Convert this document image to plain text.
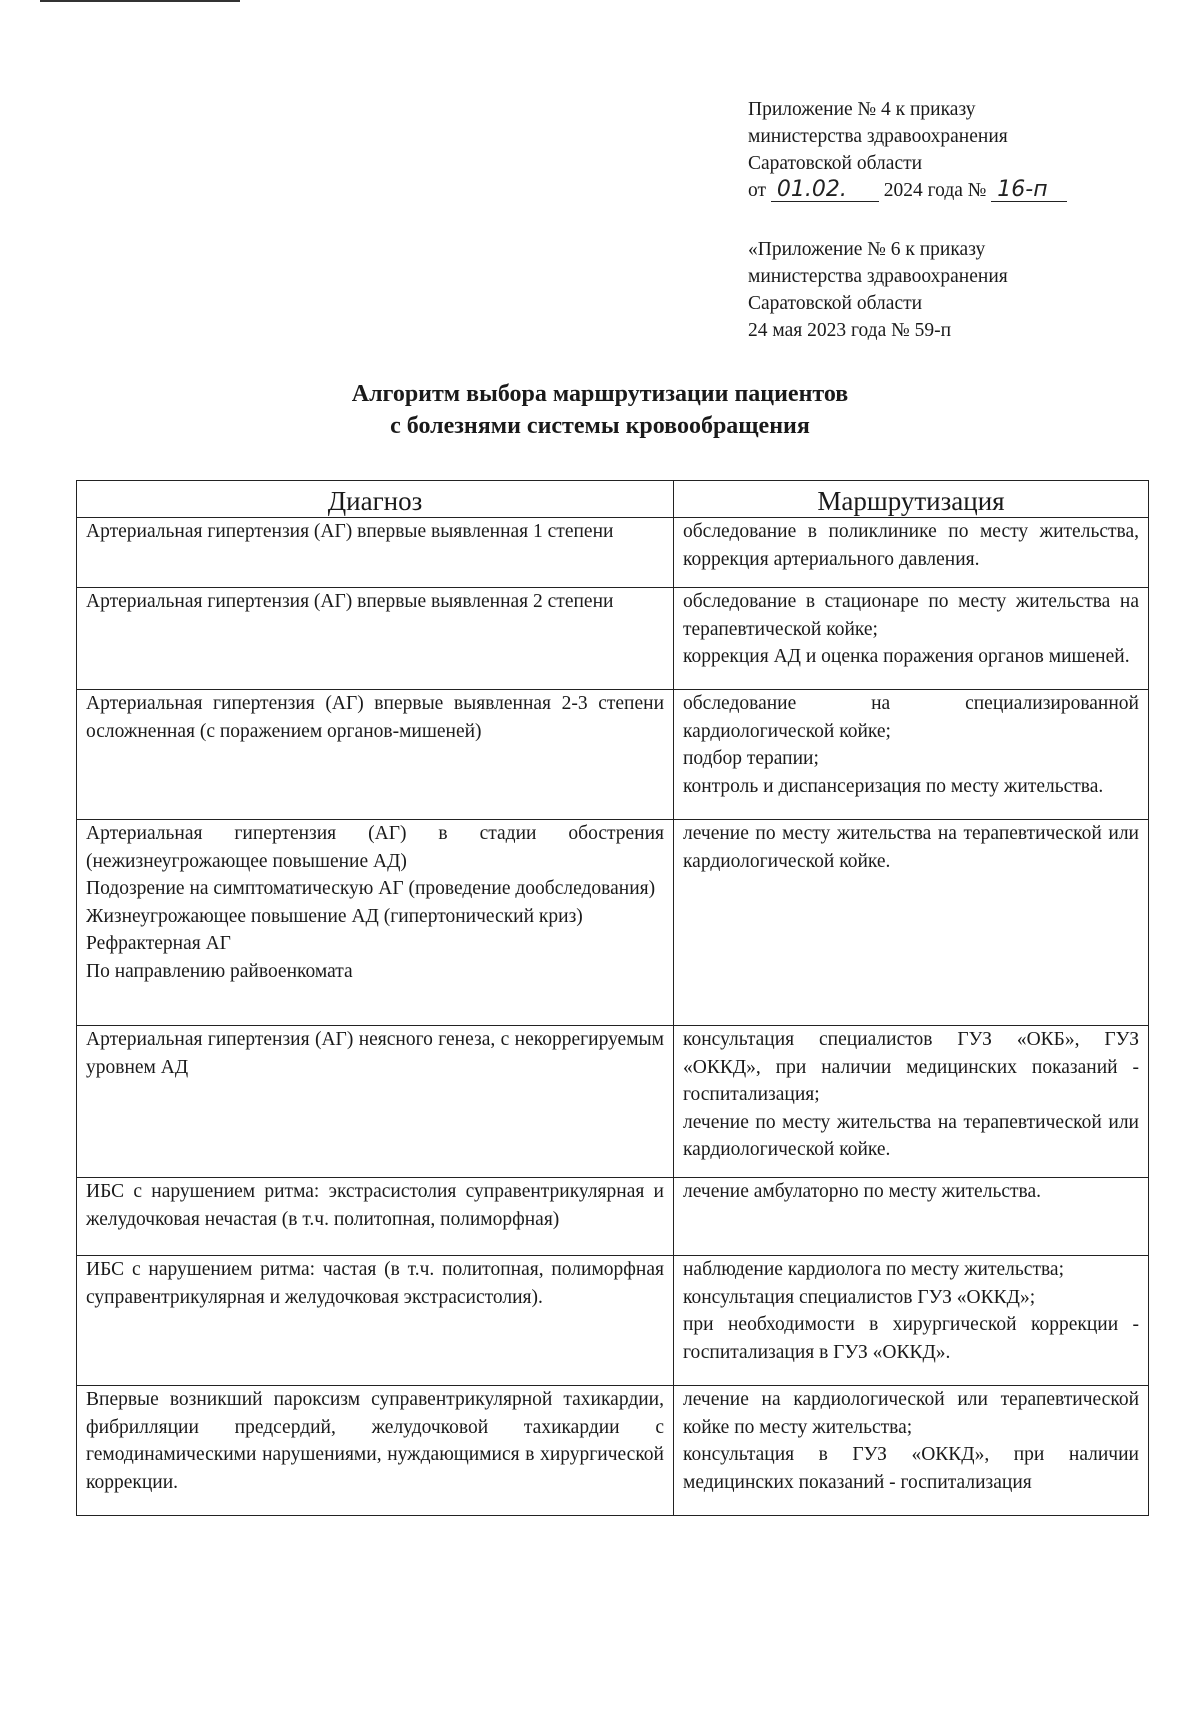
Приложение № 4 к приказу
министерства здравоохранения
Саратовской области
от 01.02. 2024 года № 16-п
«Приложение № 6 к приказу
министерства здравоохранения
Саратовской области
24 мая 2023 года № 59-п
Алгоритм выбора маршрутизации пациентов
с болезнями системы кровообращения
Диагноз	Маршрутизация

Артериальная гипертензия (АГ) впервые выявленная 1 степени	обследование в поликлинике по месту жительства, коррекция артериального давления.

Артериальная гипертензия (АГ) впервые выявленная 2 степени	обследование в стационаре по месту жительства на терапевтической койке;
коррекция АД и оценка поражения органов мишеней.

Артериальная гипертензия (АГ) впервые выявленная 2-3 степени осложненная (с поражением органов-мишеней)	обследование на специализированной кардиологической койке;
подбор терапии;
контроль и диспансеризация по месту жительства.

Артериальная гипертензия (АГ) в стадии обострения (нежизнеугрожающее повышение АД)
Подозрение на симптоматическую АГ (проведение дообследования)
Жизнеугрожающее повышение АД (гипертонический криз)
Рефрактерная АГ
По направлению райвоенкомата	лечение по месту жительства на терапевтической или кардиологической койке.

Артериальная гипертензия (АГ) неясного генеза, с некоррегируемым уровнем АД	консультация специалистов ГУЗ «ОКБ», ГУЗ «ОККД», при наличии медицинских показаний - госпитализация;
лечение по месту жительства на терапевтической или кардиологической койке.

ИБС с нарушением ритма: экстрасистолия суправентрикулярная и желудочковая нечастая (в т.ч. политопная, полиморфная)	лечение амбулаторно по месту жительства.

ИБС с нарушением ритма: частая (в т.ч. политопная, полиморфная суправентрикулярная и желудочковая экстрасистолия).	наблюдение кардиолога по месту жительства;
консультация специалистов ГУЗ «ОККД»;
при необходимости в хирургической коррекции - госпитализация в ГУЗ «ОККД».

Впервые возникший пароксизм суправентрикулярной тахикардии, фибрилляции предсердий, желудочковой тахикардии с гемодинамическими нарушениями, нуждающимися в хирургической коррекции.	лечение на кардиологической или терапевтической койке по месту жительства;
консультация в ГУЗ «ОККД», при наличии медицинских показаний - госпитализация
